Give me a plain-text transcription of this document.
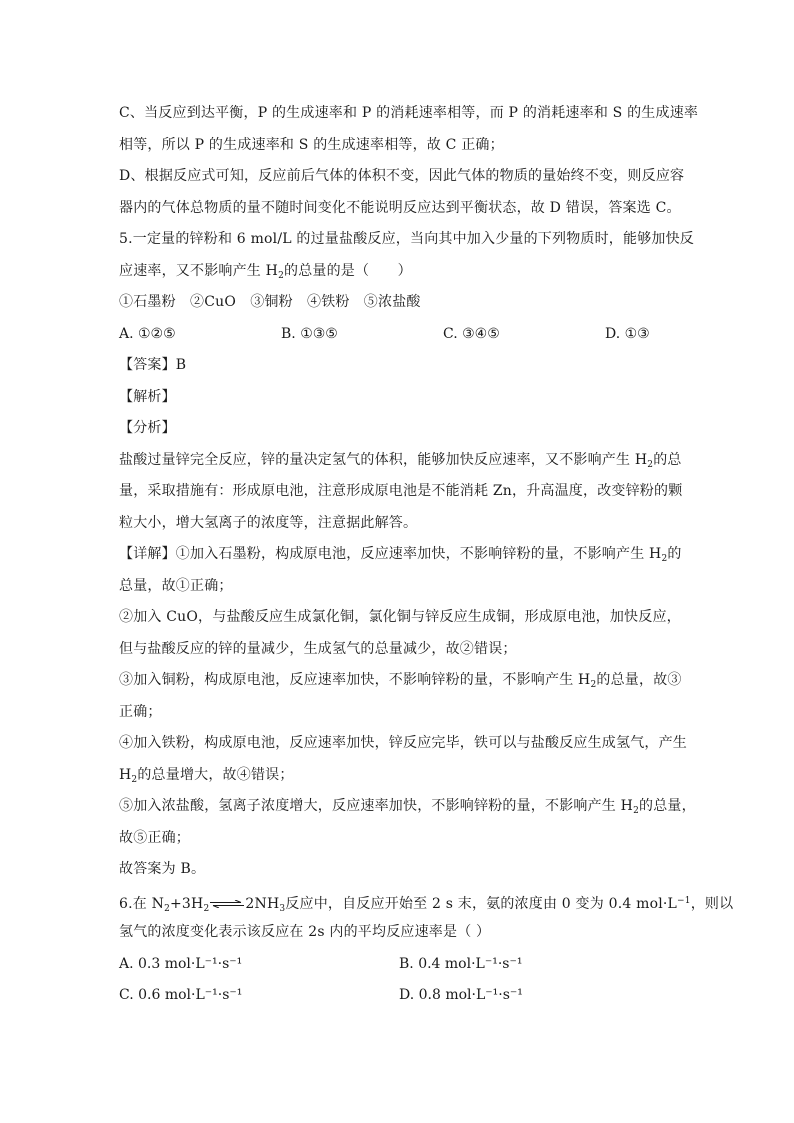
C、当反应到达平衡，P 的生成速率和 P 的消耗速率相等，而 P 的消耗速率和 S 的生成速率
相等，所以 P 的生成速率和 S 的生成速率相等，故 C 正确；
D、根据反应式可知，反应前后气体的体积不变，因此气体的物质的量始终不变，则反应容
器内的气体总物质的量不随时间变化不能说明反应达到平衡状态，故 D 错误，答案选 C。
5.一定量的锌粉和 6 mol/L 的过量盐酸反应，当向其中加入少量的下列物质时，能够加快反
应速率，又不影响产生 $H_2$的总量的是（　　）
①石墨粉　②CuO　③铜粉　④铁粉　⑤浓盐酸
A. ①②⑤	B. ①③⑤	C. ③④⑤	D. ①③
【答案】B
【解析】
【分析】
盐酸过量锌完全反应，锌的量决定氢气的体积，能够加快反应速率，又不影响产生 $H_2$的总
量，采取措施有：形成原电池，注意形成原电池是不能消耗 Zn，升高温度，改变锌粉的颗
粒大小，增大氢离子的浓度等，注意据此解答。
【详解】①加入石墨粉，构成原电池，反应速率加快，不影响锌粉的量，不影响产生 $H_2$的
总量，故①正确；
②加入 CuO，与盐酸反应生成氯化铜，氯化铜与锌反应生成铜，形成原电池，加快反应，
但与盐酸反应的锌的量减少，生成氢气的总量减少，故②错误；
③加入铜粉，构成原电池，反应速率加快，不影响锌粉的量，不影响产生 $H_2$的总量，故③
正确；
④加入铁粉，构成原电池，反应速率加快，锌反应完毕，铁可以与盐酸反应生成氢气，产生
$H_2$的总量增大，故④错误；
⑤加入浓盐酸，氢离子浓度增大，反应速率加快，不影响锌粉的量，不影响产生 $H_2$的总量，
故⑤正确；
故答案为 B。
6.在 $N_2+3H_2\rightleftharpoons 2NH_3$反应中，自反应开始至 2 s 末，氨的浓度由 0 变为 0.4 $mol\cdot L^{-1}$，则以
氢气的浓度变化表示该反应在 2s 内的平均反应速率是（ ）
A. 0.3 mol·L⁻¹·s⁻¹	B. 0.4 mol·L⁻¹·s⁻¹
C. 0.6 mol·L⁻¹·s⁻¹	D. 0.8 mol·L⁻¹·s⁻¹
